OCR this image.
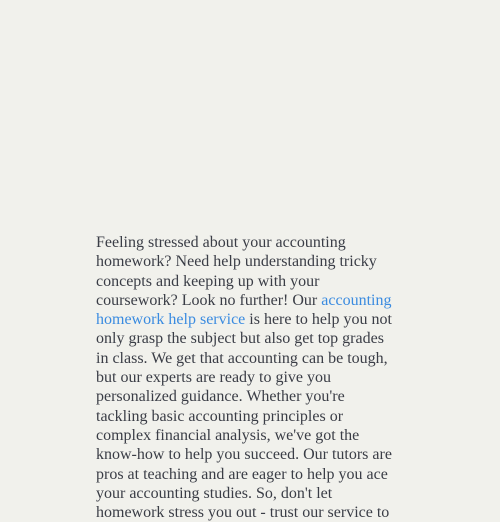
Feeling stressed about your accounting homework? Need help understanding tricky concepts and keeping up with your coursework? Look no further! Our accounting homework help service is here to help you not only grasp the subject but also get top grades in class. We get that accounting can be tough, but our experts are ready to give you personalized guidance. Whether you're tackling basic accounting principles or complex financial analysis, we've got the know-how to help you succeed. Our tutors are pros at teaching and are eager to help you ace your accounting studies. So, don't let homework stress you out - trust our service to
